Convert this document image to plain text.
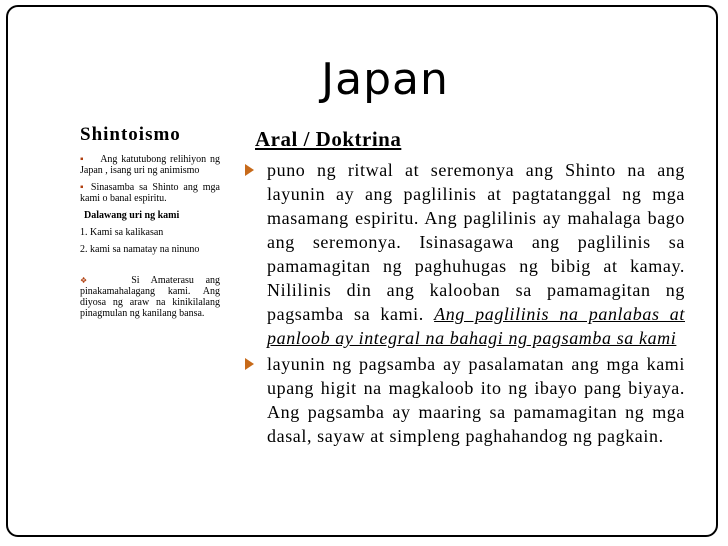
Japan
Shintoismo

▪ Ang katutubong relihiyon ng Japan , isang uri ng animismo

▪ Sinasamba sa Shinto ang mga kami o banal espiritu.

Dalawang uri ng kami

1. Kami sa kalikasan

2. kami sa namatay na ninuno

❖	Si Amaterasu ang pinakamahalagang kami. Ang diyosa ng araw na kinikilalang pinagmulan ng kanilang bansa.

Aral / Doktrina
puno ng ritwal at seremonya ang Shinto na ang layunin ay ang paglilinis at pagtatanggal ng mga masamang espiritu. Ang paglilinis ay mahalaga bago ang seremonya. Isinasagawa ang paglilinis sa pamamagitan ng paghuhugas ng bibig at kamay. Nililinis din ang kalooban sa pamamagitan ng pagsamba sa kami. Ang paglilinis na panlabas at panloob ay integral na bahagi ng pagsamba sa kami
layunin ng pagsamba ay pasalamatan ang mga kami upang higit na magkaloob ito ng ibayo pang biyaya. Ang pagsamba ay maaring sa pamamagitan ng mga dasal, sayaw at simpleng paghahandog ng pagkain.
